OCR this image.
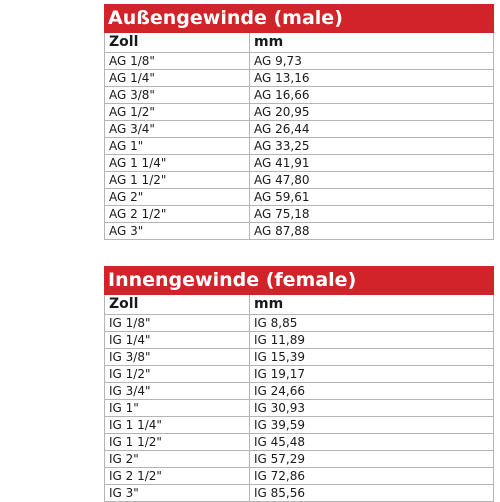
Außengewinde (male)	
Zoll	mm
AG 1/8"	AG 9,73
AG 1/4"	AG 13,16
AG 3/8"	AG 16,66
AG 1/2"	AG 20,95
AG 3/4"	AG 26,44
AG 1"	AG 33,25
AG 1 1/4"	AG 41,91
AG 1 1/2"	AG 47,80
AG 2"	AG 59,61
AG 2 1/2"	AG 75,18
AG 3"	AG 87,88
Innengewinde (female)	
Zoll	mm
IG 1/8"	IG 8,85
IG 1/4"	IG 11,89
IG 3/8"	IG 15,39
IG 1/2"	IG 19,17
IG 3/4"	IG 24,66
IG 1"	IG 30,93
IG 1 1/4"	IG 39,59
IG 1 1/2"	IG 45,48
IG 2"	IG 57,29
IG 2 1/2"	IG 72,86
IG 3"	IG 85,56
